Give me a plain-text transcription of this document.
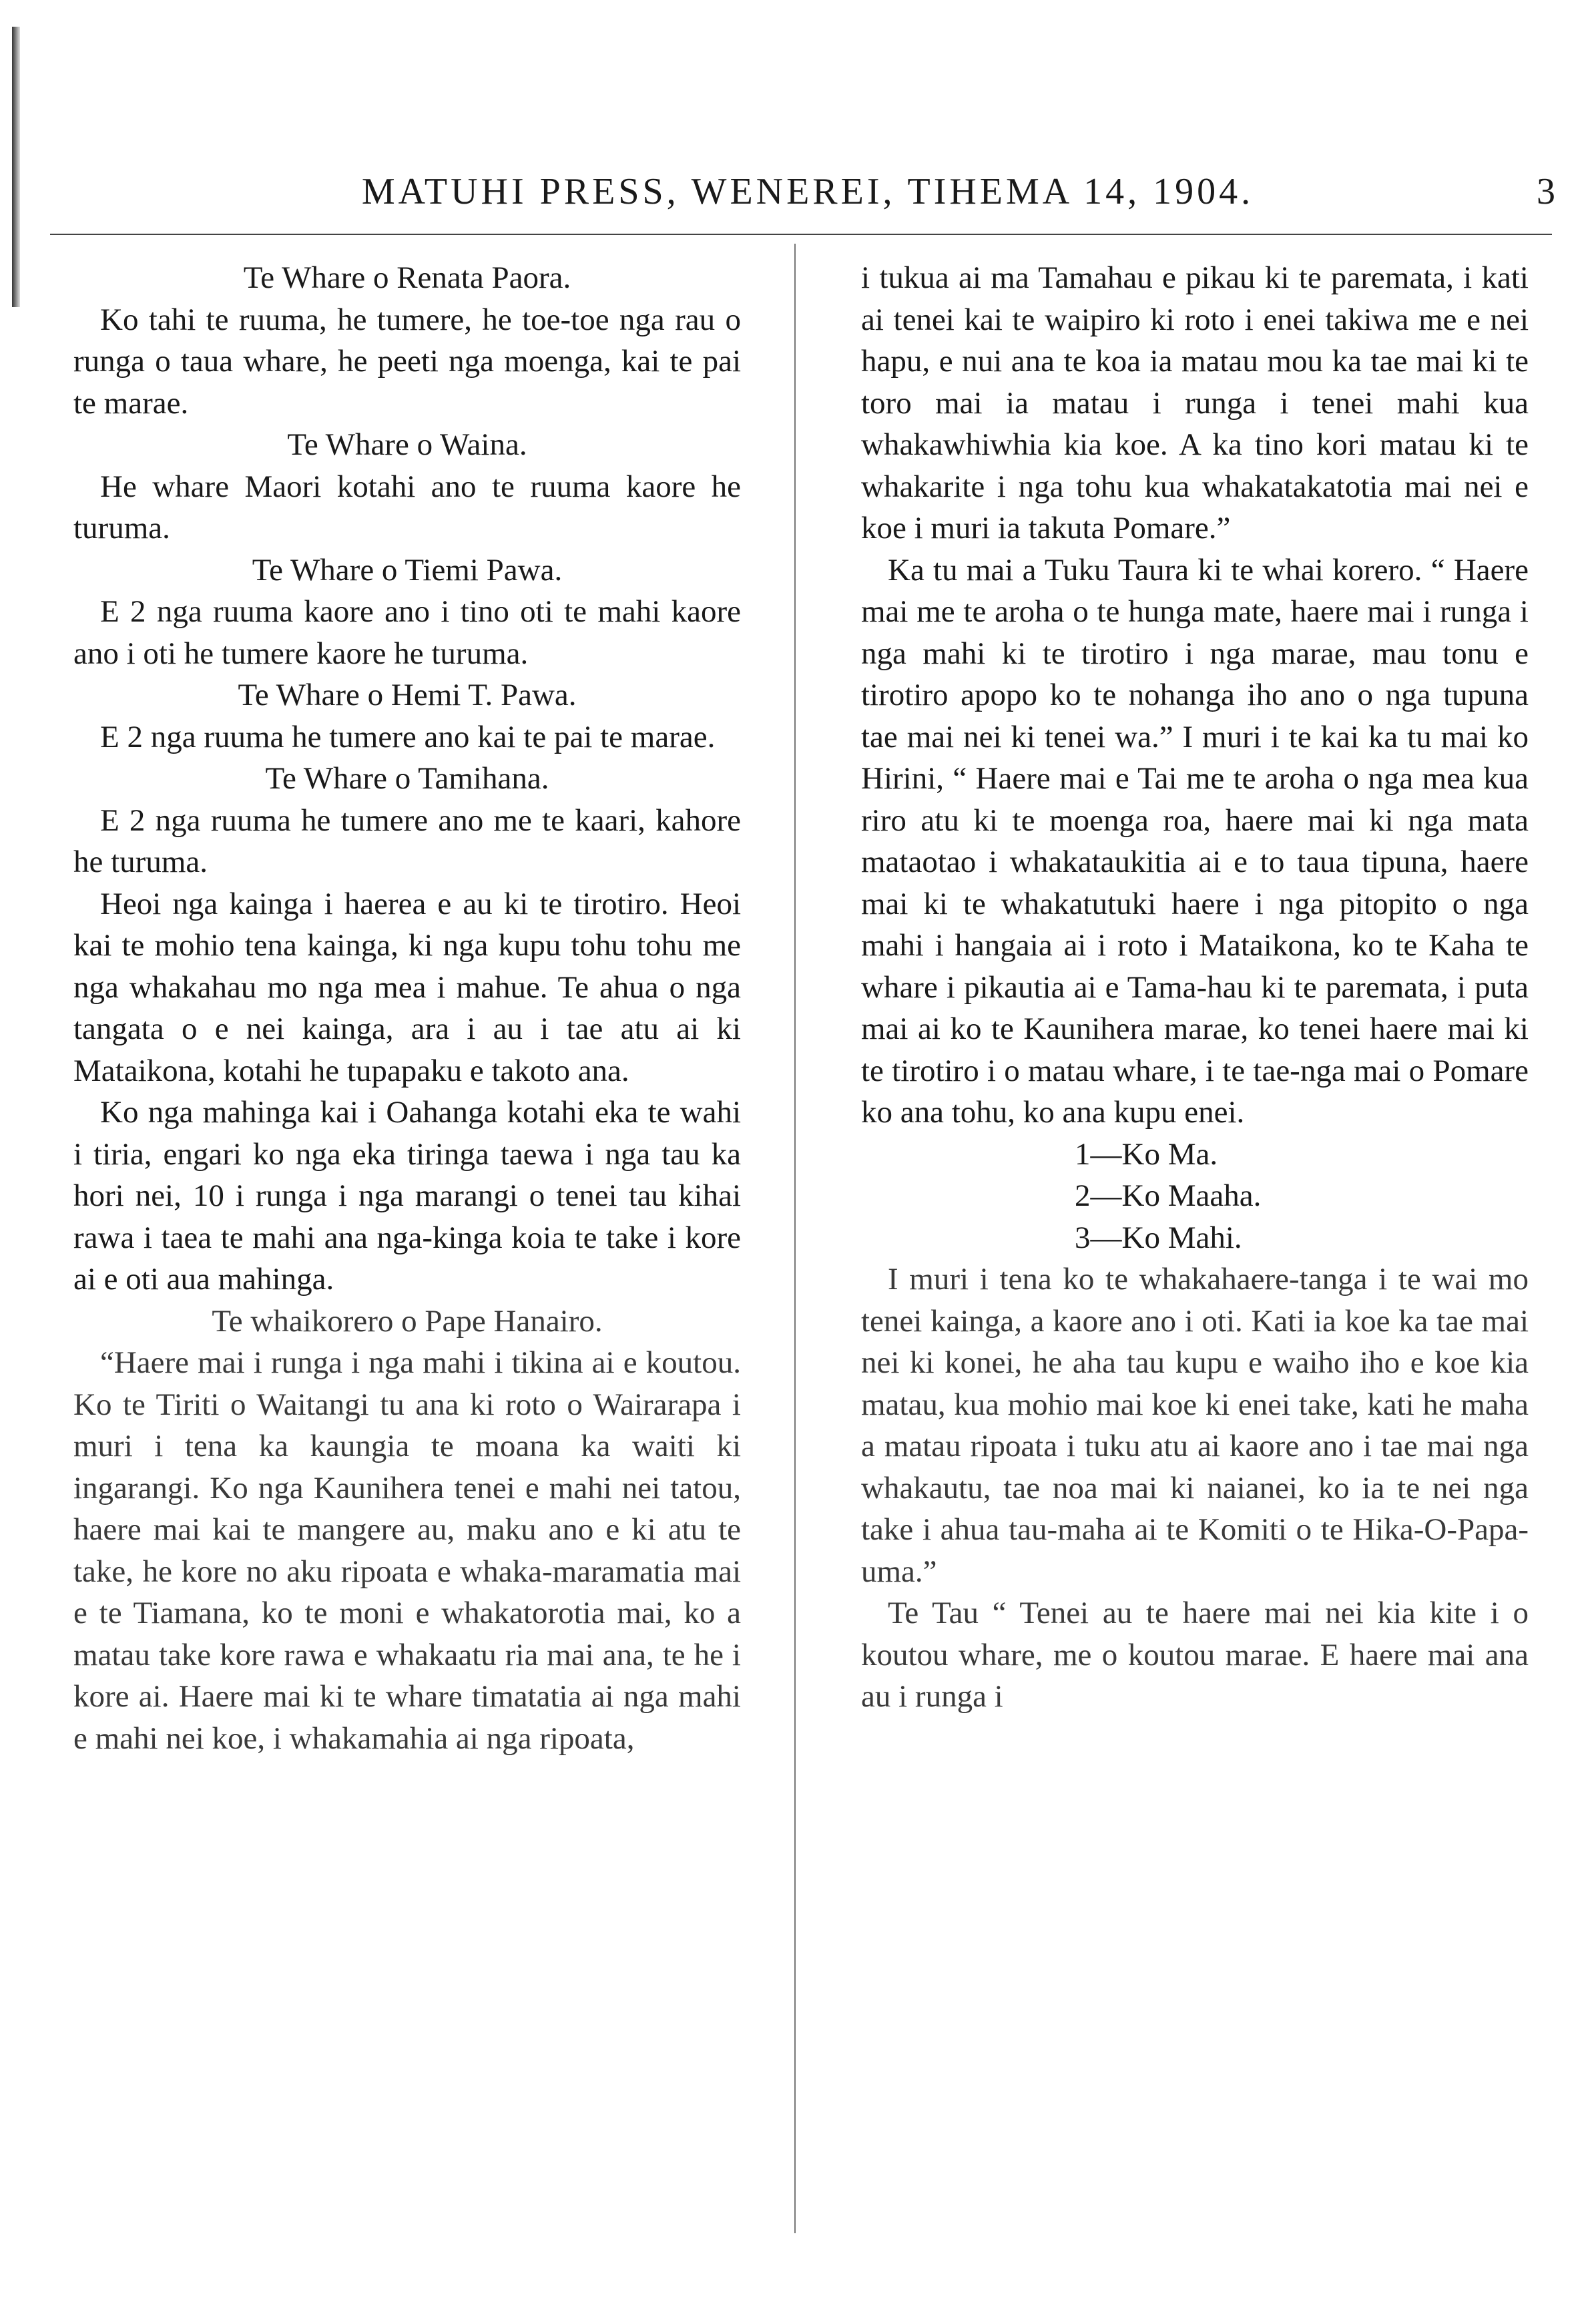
MATUHI PRESS, WENEREI, TIHEMA 14, 1904.	3
Te Whare o Renata Paora.

Ko tahi te ruuma, he tumere, he toe-toe nga rau o runga o taua whare, he peeti nga moenga, kai te pai te marae.

Te Whare o Waina.

He whare Maori kotahi ano te ruuma kaore he turuma.

Te Whare o Tiemi Pawa.

E 2 nga ruuma kaore ano i tino oti te mahi kaore ano i oti he tumere kaore he turuma.

Te Whare o Hemi T. Pawa.

E 2 nga ruuma he tumere ano kai te pai te marae.

Te Whare o Tamihana.

E 2 nga ruuma he tumere ano me te kaari, kahore he turuma.

Heoi nga kainga i haerea e au ki te tirotiro. Heoi kai te mohio tena kainga, ki nga kupu tohu tohu me nga whakahau mo nga mea i mahue. Te ahua o nga tangata o e nei kainga, ara i au i tae atu ai ki Mataikona, kotahi he tupapaku e takoto ana.

Ko nga mahinga kai i Oahanga kotahi eka te wahi i tiria, engari ko nga eka tiringa taewa i nga tau ka hori nei, 10 i runga i nga marangi o tenei tau kihai rawa i taea te mahi ana nga-kinga koia te take i kore ai e oti aua mahinga.

Te whaikorero o Pape Hanairo.

“Haere mai i runga i nga mahi i tikina ai e koutou. Ko te Tiriti o Waitangi tu ana ki roto o Wairarapa i muri i tena ka kaungia te moana ka waiti ki ingarangi. Ko nga Kaunihera tenei e mahi nei tatou, haere mai kai te mangere au, maku ano e ki atu te take, he kore no aku ripoata e whaka-maramatia mai e te Tiamana, ko te moni e whakatorotia mai, ko a matau take kore rawa e whakaatu ria mai ana, te he i kore ai. Haere mai ki te whare timatatia ai nga mahi e mahi nei koe, i whakamahia ai nga ripoata,

i tukua ai ma Tamahau e pikau ki te paremata, i kati ai tenei kai te waipiro ki roto i enei takiwa me e nei hapu, e nui ana te koa ia matau mou ka tae mai ki te toro mai ia matau i runga i tenei mahi kua whakawhiwhia kia koe. A ka tino kori matau ki te whakarite i nga tohu kua whakatakatotia mai nei e koe i muri ia takuta Pomare.”

Ka tu mai a Tuku Taura ki te whai korero. “ Haere mai me te aroha o te hunga mate, haere mai i runga i nga mahi ki te tirotiro i nga marae, mau tonu e tirotiro apopo ko te nohanga iho ano o nga tupuna tae mai nei ki tenei wa.” I muri i te kai ka tu mai ko Hirini, “ Haere mai e Tai me te aroha o nga mea kua riro atu ki te moenga roa, haere mai ki nga mata mataotao i whakataukitia ai e to taua tipuna, haere mai ki te whakatutuki haere i nga pitopito o nga mahi i hangaia ai i roto i Mataikona, ko te Kaha te whare i pikautia ai e Tama-hau ki te paremata, i puta mai ai ko te Kaunihera marae, ko tenei haere mai ki te tirotiro i o matau whare, i te tae-nga mai o Pomare ko ana tohu, ko ana kupu enei.

1—Ko Ma.
2—Ko Maaha.
3—Ko Mahi.

I muri i tena ko te whakahaere-tanga i te wai mo tenei kainga, a kaore ano i oti. Kati ia koe ka tae mai nei ki konei, he aha tau kupu e waiho iho e koe kia matau, kua mohio mai koe ki enei take, kati he maha a matau ripoata i tuku atu ai kaore ano i tae mai nga whakautu, tae noa mai ki naianei, ko ia te nei nga take i ahua tau-maha ai te Komiti o te Hika-O-Papa-uma.”

Te Tau “ Tenei au te haere mai nei kia kite i o koutou whare, me o koutou marae. E haere mai ana au i runga i
